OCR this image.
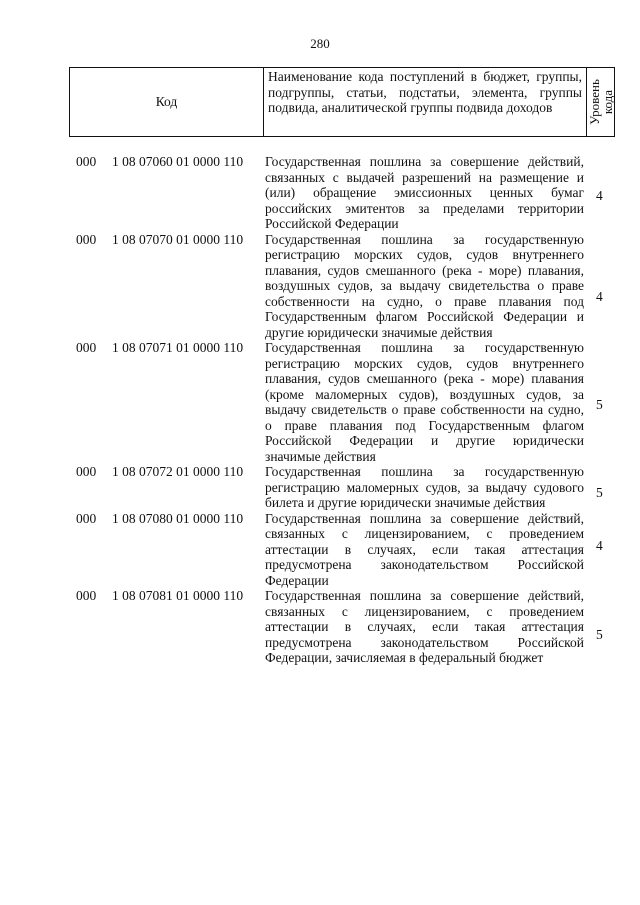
280
Код
Наименование кода поступлений в бюджет, группы, подгруппы, статьи, подстатьи, элемента, группы подвида, аналитической группы подвида доходов	Уровень
кода
000 1 08 07060 01 0000 110 Государственная пошлина за совершение действий, связанных с выдачей разрешений на размещение и (или) обращение эмиссионных ценных бумаг российских эмитентов за пределами территории Российской Федерации
4
000 1 08 07070 01 0000 110 Государственная пошлина за государственную регистрацию морских судов, судов внутреннего плавания, судов смешанного (река - море) плавания, воздушных судов, за выдачу свидетельства о праве собственности на судно, о праве плавания под Государственным флагом Российской Федерации и другие юридически значимые действия
4
000 1 08 07071 01 0000 110 Государственная пошлина за государственную регистрацию морских судов, судов внутреннего плавания, судов смешанного (река - море) плавания (кроме маломерных судов), воздушных судов, за выдачу свидетельств о праве собственности на судно, о праве плавания под Государственным флагом Российской Федерации и другие юридически значимые действия
5
000 1 08 07072 01 0000 110 Государственная пошлина за государственную регистрацию маломерных судов, за выдачу судового билета и другие юридически значимые действия
5
000 1 08 07080 01 0000 110 Государственная пошлина за совершение действий, связанных с лицензированием, с проведением аттестации в случаях, если такая аттестация предусмотрена законодательством Российской Федерации
4
000 1 08 07081 01 0000 110 Государственная пошлина за совершение действий, связанных с лицензированием, с проведением аттестации в случаях, если такая аттестация предусмотрена законодательством Российской Федерации, зачисляемая в федеральный бюджет
5
